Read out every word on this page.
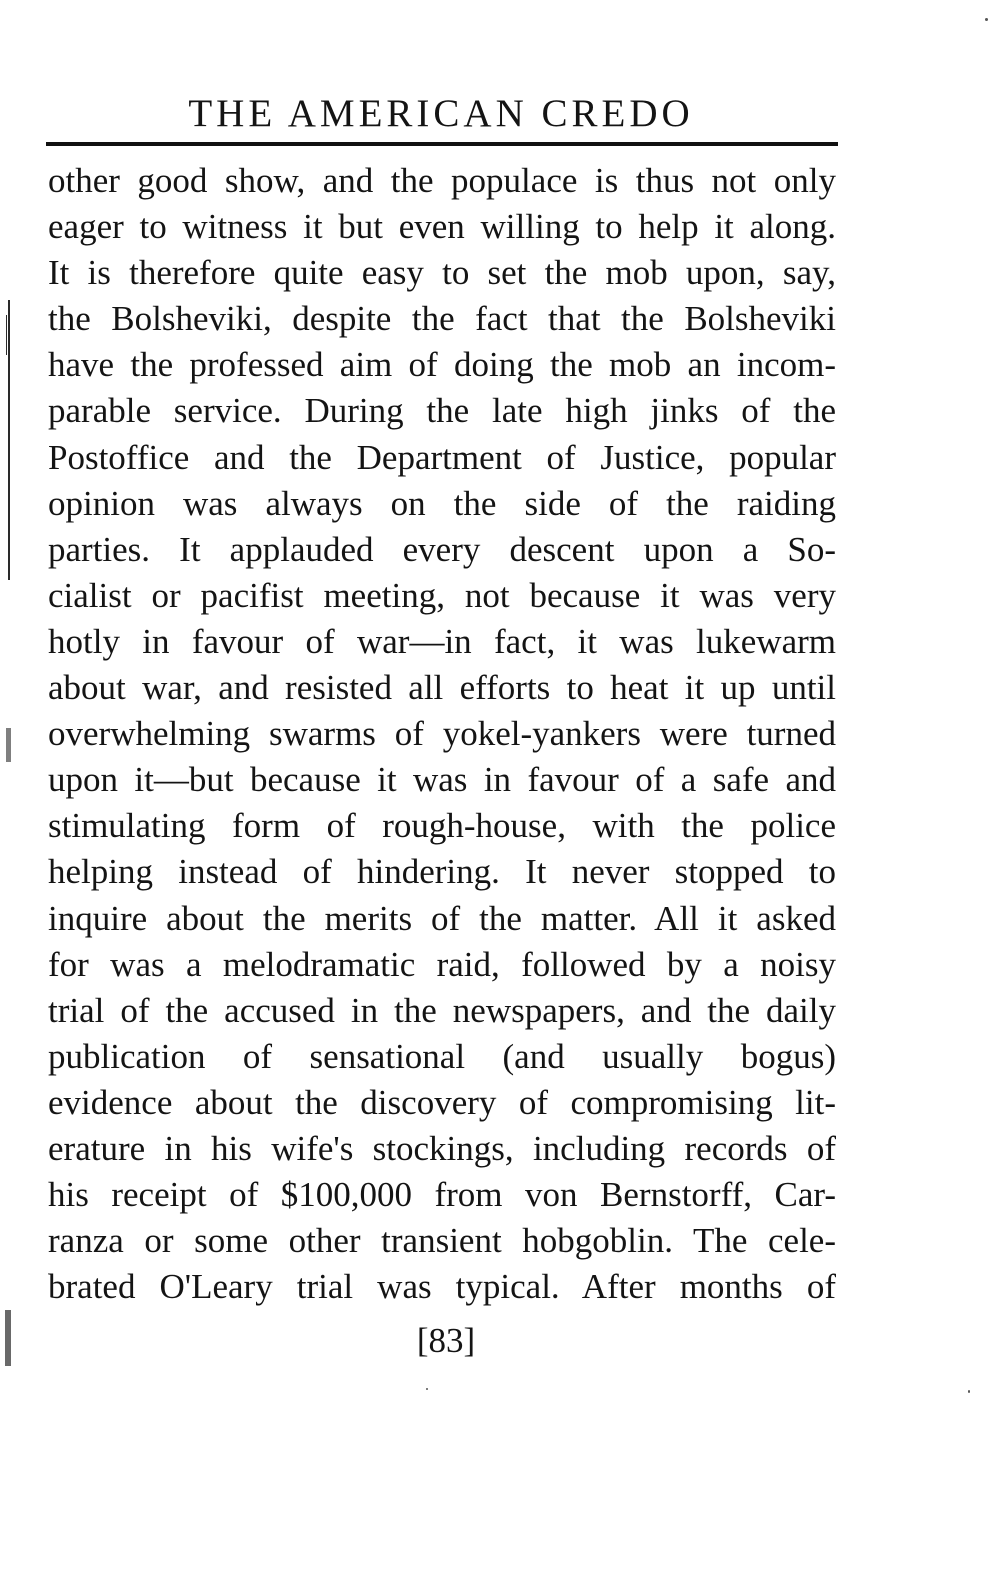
THE AMERICAN CREDO
other good show, and the populace is thus not only
eager to witness it but even willing to help it along.
It is therefore quite easy to set the mob upon, say,
the Bolsheviki, despite the fact that the Bolsheviki
have the professed aim of doing the mob an incom-
parable service. During the late high jinks of the
Postoffice and the Department of Justice, popular
opinion was always on the side of the raiding
parties. It applauded every descent upon a So-
cialist or pacifist meeting, not because it was very
hotly in favour of war—in fact, it was lukewarm
about war, and resisted all efforts to heat it up until
overwhelming swarms of yokel-yankers were turned
upon it—but because it was in favour of a safe and
stimulating form of rough-house, with the police
helping instead of hindering. It never stopped to
inquire about the merits of the matter. All it asked
for was a melodramatic raid, followed by a noisy
trial of the accused in the newspapers, and the daily
publication of sensational (and usually bogus)
evidence about the discovery of compromising lit-
erature in his wife's stockings, including records of
his receipt of $100,000 from von Bernstorff, Car-
ranza or some other transient hobgoblin. The cele-
brated O'Leary trial was typical. After months of
[83]
